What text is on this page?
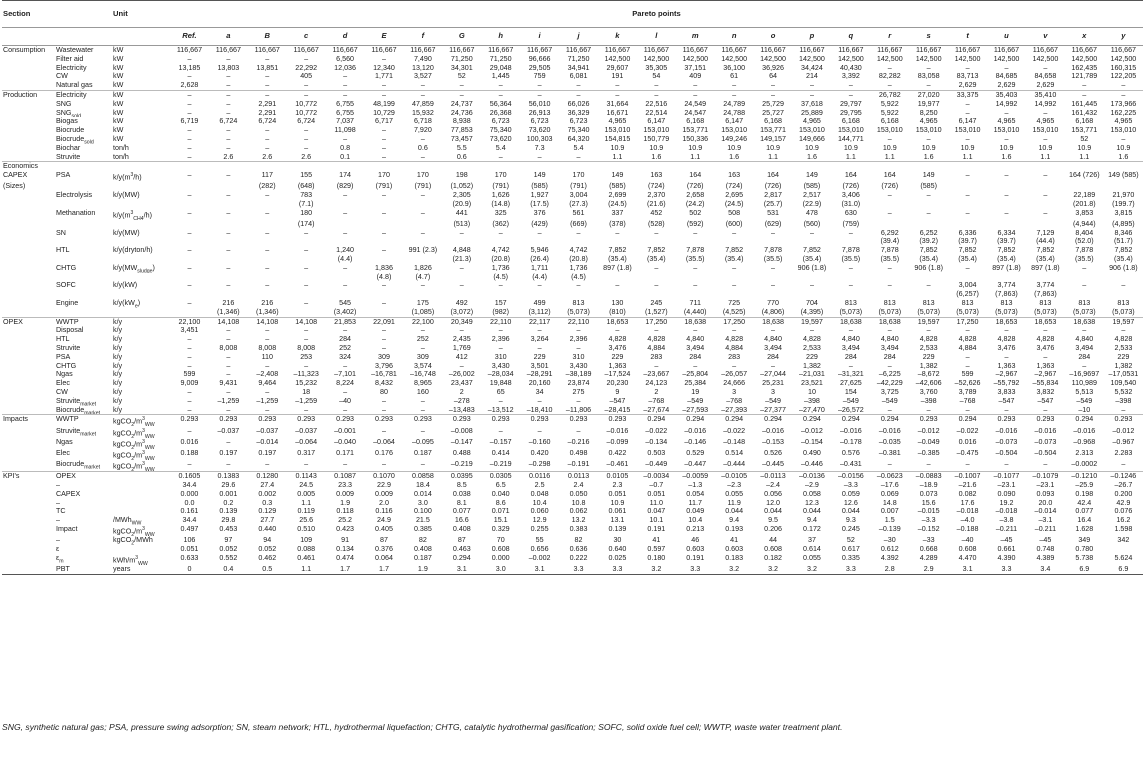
Section		Unit	Pareto points																								
			Ref.	a	B	c	d	E	f	G	h	i	j	k	l	m	n	o	p	q	r	s	t	u	v	x	y
Consumption	Wastewater	kW	116,667	116,667	116,667	116,667	116,667	116,667	116,667	116,667	116,667	116,667	116,667	116,667	116,667	116,667	116,667	116,667	116,667	116,667	116,667	116,667	116,667	116,667	116,667	116,667	116,667
	Filter aid	kW	–	–	–	–	6,560	–	7,490	71,250	71,250	96,666	71,250	142,500	142,500	142,500	142,500	142,500	142,500	142,500	142,500	142,500	142,500	142,500	142,500	142,500	142,500
	Electricity	kW	13,185	13,803	13,851	22,292	12,036	12,340	13,120	34,301	29,048	29,505	34,941	29,607	35,305	37,151	36,100	36,926	34,424	40,430	–	–	–	–	–	162,435	160,315
	CW	kW	–	–	–	405	–	1,771	3,527	52	1,445	759	6,081	191	54	409	61	64	214	3,392	82,282	83,058	83,713	84,685	84,658	121,789	122,205
	Natural gas	kW	2,628	–	–	–	–	–	–	–	–	–	–	–	–	–	–	–	–	–	–	–	2,629	2,629	2,629	–	–
Production	Electricity	kW	–	–	–	–	–	–	–	–	–	–	–	–	–	–	–	–	–	–	26,782	27,020	33,375	35,403	35,410	–	–
	SNG	kW	–	–	2,291	10,772	6,755	48,199	47,859	24,737	56,364	56,010	66,026	31,664	22,516	24,549	24,789	25,729	37,618	29,797	5,922	19,977	–	14,992	14,992	161,445	173,966
	$SNG_{sold}$	kW	–	–	2,291	10,772	6,755	10,729	15,932	24,736	26,368	26,913	36,329	16,671	22,514	24,547	24,788	25,727	25,889	29,795	5,922	8,250	–	–	–	161,432	162,225
	Biogas	kW	6,719	6,724	6,724	6,724	7,037	6,717	6,718	8,938	6,723	6,723	6,723	4,965	6,147	6,168	6,147	6,168	4,965	6,168	6,168	4,965	6,147	4,965	4,965	6,168	4,965
	Biocrude	kW	–	–	–	–	11,098	–	7,920	77,853	75,340	73,620	75,340	153,010	153,010	153,771	153,010	153,771	153,010	153,010	153,010	153,010	153,010	153,010	153,010	153,771	153,010
	Biocrude$_{sold}$	kW	–	–	–	–	–	–	–	73,457	73,620	100,303	64,320	154,815	150,779	150,336	149,246	149,157	149,666	144,771	–	–	–	–	–	52	–
	Biochar	ton/h	–	–	–	–	0.8	–	0.6	5.5	5.4	7.3	5.4	10.9	10.9	10.9	10.9	10.9	10.9	10.9	10.9	10.9	10.9	10.9	10.9	10.9	10.9
	Struvite	ton/h	–	2.6	2.6	2.6	0.1	–	–	0.6	–	–	–	1.1	1.6	1.1	1.6	1.1	1.6	1.1	1.1	1.6	1.1	1.6	1.1	1.1	1.6
Economics																											
CAPEX	PSA	$k/y(m^3/h)$	–	–	117	155	174	170	170	198	170	149	170	149	163	164	163	164	149	164	164	149	–	–	–	164 (726)	149 (585)
(Sizes)					(282)	(648)	(829)	(791)	(791)	(1,052)	(791)	(585)	(791)	(585)	(724)	(726)	(724)	(726)	(585)	(726)	(726)	(585)					
	Electrolysis	k/y(MW)	–	–	–	783	–	–	–	2,305	1,626	1,927	3,004	2,699	2,370	2,658	2,695	2,817	2,517	3,406	–	–	–	–	–	22,189	21,970
						(7.1)				(20.9)	(14.8)	(17.5)	(27.3)	(24.5)	(21.6)	(24.2)	(24.5)	(25.7)	(22.9)	(31.0)						(201.8)	(199.7)
	Methanation	$k/y(m^3_{CH4}/h)$	–	–	–	180	–	–	–	441	325	376	561	337	452	502	508	531	478	630	–	–	–	–	–	3,853	3,815
						(174)				(513)	(362)	(429)	(669)	(378)	(528)	(592)	(600)	(629)	(560)	(759)						(4,944)	(4,895)
	SN	k/y(MW)	–	–	–	–	–	–	–	–	–	–	–	–	–	–	–	–	–	–	6,292	6,252	6,336	6,334	7,129	8,404	8,346
																					(39.4)	(39.2)	(39.7)	(39.7)	(44.4)	(52.0)	(51.7)
	HTL	k/y(dryton/h)	–	–	–	–	1,240	–	991 (2.3)	4,848	4,742	5,946	4,742	7,852	7,852	7,878	7,852	7,878	7,852	7,878	7,878	7,852	7,852	7,852	7,852	7,878	7,852
							(4.4)			(21.3)	(20.8)	(26.4)	(20.8)	(35.4)	(35.4)	(35.5)	(35.4)	(35.5)	(35.4)	(35.5)	(35.5)	(35.4)	(35.4)	(35.4)	(35.4)	(35.5)	(35.4)
	CHTG	$k/y(MW_{sludge})$	–	–	–	–	–	1,836	1,826	–	1,736	1,711	1,736	897 (1.8)	–	–	–	–	906 (1.8)	–	–	906 (1.8)	–	897 (1.8)	897 (1.8)	–	906 (1.8)
								(4.8)	(4.7)		(4.5)	(4.4)	(4.5)														
	SOFC	k/y(kW)	–	–	–	–	–	–	–	–	–	–	–	–	–	–	–	–	–	–	–	–	3,004	3,774	3,774	–	–
																							(6,257)	(7,863)	(7,863)		
	Engine	$k/y(kW_e)$	–	216	216	–	545	–	175	492	157	499	813	130	245	711	725	770	704	813	813	813	813	813	813	813	813
				(1,346)	(1,346)		(3,402)		(1,085)	(3,072)	(982)	(3,112)	(5,073)	(810)	(1,527)	(4,440)	(4,525)	(4,806)	(4,395)	(5,073)	(5,073)	(5,073)	(5,073)	(5,073)	(5,073)	(5,073)	(5,073)
OPEX	WWTP	k/y	22,100	14,108	14,108	14,108	21,853	22,091	22,100	20,349	22,110	22,117	22,110	18,653	17,250	18,638	17,250	18,638	19,597	18,638	18,638	19,597	17,250	18,653	18,653	18,638	19,597
	Disposal	k/y	3,451	–	–	–	–	–	–	–	–	–	–	–	–	–	–	–	–	–	–	–	–	–	–	–	–
	HTL	k/y	–	–	–	–	284	–	252	2,435	2,396	3,264	2,396	4,828	4,828	4,840	4,828	4,840	4,828	4,840	4,840	4,828	4,828	4,828	4,828	4,840	4,828
	Struvite	k/y	–	8,008	8,008	8,008	252	–	–	1,769	–	–	–	3,476	4,884	3,494	4,884	3,494	2,533	3,494	3,494	2,533	4,884	3,476	3,476	3,494	2,533
	PSA	k/y	–	–	110	253	324	309	309	412	310	229	310	229	283	284	283	284	229	284	284	229	–	–	–	284	229
	CHTG	k/y	–	–	–	–	–	3,796	3,574	–	3,430	3,501	3,430	1,363	–	–	–	–	1,382	–	–	1,382	–	1,363	1,363	–	1,382
	Ngas	k/y	599	–	–2,408	–11,323	–7,101	–16,781	–16,748	–26,002	–28,034	–28,291	–38,189	–17,524	–23,667	–25,804	–26,057	–27,044	–21,031	–31,321	–6,225	–8,672	599	–2,967	–2,967	–16,9697	–17,0531
	Elec	k/y	9,009	9,431	9,464	15,232	8,224	8,432	8,965	23,437	19,848	20,160	23,874	20,230	24,123	25,384	24,666	25,231	23,521	27,625	–42,229	–42,606	–52,626	–55,792	–55,834	110,989	109,540
	CW	k/y	–	–	–	18	–	80	160	2	65	34	275	9	2	19	3	3	10	154	3,725	3,760	3,789	3,833	3,832	5,513	5,532
	Struvite$_{market}$	k/y	–	–1,259	–1,259	–1,259	–40	–	–	–278	–	–	–	–547	–768	–549	–768	–549	–398	–549	–549	–398	–768	–547	–547	–549	–398
	Biocrude$_{market}$	k/y	–	–	–	–	–	–	–	–13,483	–13,512	–18,410	–11,806	–28,415	–27,674	–27,593	–27,393	–27,377	–27,470	–26,572	–	–	–	–	–	–10	–
Impacts	WWTP	$kgCO_2/m^3_{WW}$	0.293	0.293	0.293	0.293	0.293	0.293	0.293	0.293	0.293	0.293	0.293	0.293	0.294	0.294	0.294	0.294	0.294	0.294	0.294	0.293	0.294	0.293	0.293	0.294	0.293
	Struvite$_{market}$	$kgCO_2/m^3_{WW}$	–	–0.037	–0.037	–0.037	–0.001	–	–	–0.008	–	–	–	–0.016	–0.022	–0.016	–0.022	–0.016	–0.012	–0.016	–0.016	–0.012	–0.022	–0.016	–0.016	–0.016	–0.012
	Ngas	$kgCO_2/m^3_{WW}$	0.016	–	–0.014	–0.064	–0.040	–0.064	–0.095	–0.147	–0.157	–0.160	–0.216	–0.099	–0.134	–0.146	–0.148	–0.153	–0.154	–0.178	–0.035	–0.049	0.016	–0.073	–0.073	–0.968	–0.967
	Elec	$kgCO_2/m^3_{WW}$	0.188	0.197	0.197	0.317	0.171	0.176	0.187	0.488	0.414	0.420	0.498	0.422	0.503	0.529	0.514	0.526	0.490	0.576	–0.381	–0.385	–0.475	–0.504	–0.504	2.313	2.283
	Biocrude$_{market}$	$kgCO_2/m^3_{WW}$	–	–	–	–	–	–	–	–0.219	–0.219	–0.298	–0.191	–0.461	–0.449	–0.447	–0.444	–0.445	–0.446	–0.431	–	–	–	–	–	–0.0002	–
KPI's	OPEX		0.1605	0.1383	0.1280	0.1143	0.1087	0.1070	0.0858	0.0395	0.0305	0.0116	0.0113	0.0105	–0.0034	–0.0059	–0.0105	–0.0113	–0.0136	–0.0156	–0.0623	–0.0883	–0.1007	–0.1077	–0.1079	–0.1210	–0.1246
	–		34.4	29.6	27.4	24.5	23.3	22.9	18.4	8.5	6.5	2.5	2.4	2.3	–0.7	–1.3	–2.3	–2.4	–2.9	–3.3	–17.6	–18.9	–21.6	–23.1	–23.1	–25.9	–26.7
	CAPEX		0.000	0.001	0.002	0.005	0.009	0.009	0.014	0.038	0.040	0.048	0.050	0.051	0.051	0.054	0.055	0.056	0.058	0.059	0.069	0.073	0.082	0.090	0.093	0.198	0.200
	–		0.0	0.2	0.3	1.1	1.9	2.0	3.0	8.1	8.6	10.4	10.8	10.9	11.0	11.7	11.9	12.0	12.3	12.6	14.8	15.6	17.6	19.2	20.0	42.4	42.9
	TC		0.161	0.139	0.129	0.119	0.118	0.116	0.100	0.077	0.071	0.060	0.062	0.061	0.047	0.049	0.044	0.044	0.044	0.044	0.007	–0.015	–0.018	–0.018	–0.014	0.077	0.076
	–	/MWh$_{WW}$	34.4	29.8	27.7	25.6	25.2	24.9	21.5	16.6	15.1	12.9	13.2	13.1	10.1	10.4	9.4	9.5	9.4	9.3	1.5	–3.3	–4.0	–3.8	–3.1	16.4	16.2
	Impact	$kgCO_2/m^3_{WW}$	0.497	0.453	0.440	0.510	0.423	0.405	0.385	0.408	0.329	0.255	0.383	0.139	0.191	0.213	0.193	0.206	0.172	0.245	–0.139	–0.152	–0.188	–0.211	–0.211	1.628	1.598
	–	kgCO$_2$/MWh	106	97	94	109	91	87	82	87	70	55	82	30	41	46	41	44	37	52	–30	–33	–40	–45	–45	349	342
	ε		0.051	0.052	0.052	0.088	0.134	0.376	0.408	0.463	0.608	0.656	0.636	0.640	0.597	0.603	0.603	0.608	0.614	0.617	0.612	0.668	0.608	0.661	0.748	0.780	
	$\varepsilon_m$	kWh/$m^3_{WW}$	0.633	0.552	0.462	0.461	0.474	0.064	0.187	0.294	0.000	–0.002	0.222	0.025	0.180	0.191	0.183	0.182	0.055	0.335	4.392	4.289	4.470	4.390	4.389	5.738	5.624
	PBT	years	0	0.4	0.5	1.1	1.7	1.7	1.9	3.1	3.0	3.1	3.3	3.3	3.2	3.3	3.2	3.2	3.2	3.3	2.8	2.9	3.1	3.3	3.4	6.9	6.9
SNG, synthetic natural gas; PSA, pressure swing adsorption; SN, steam network; HTL, hydrothermal liquefaction; CHTG, catalytic hydrothermal gasification; SOFC, solid oxide fuel cell; WWTP, waste water treatment plant.
